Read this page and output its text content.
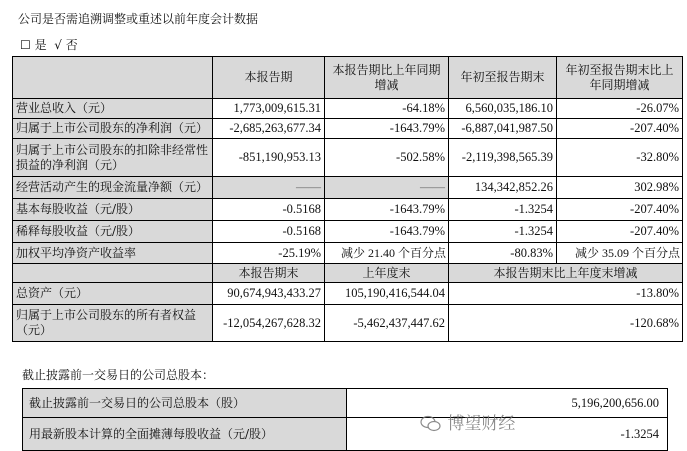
公司是否需追溯调整或重述以前年度会计数据
☐ 是 √ 否
	本报告期	本报告期比上年同期增减	年初至报告期末	年初至报告期末比上年同期增减
营业总收入（元）	1,773,009,615.31	-64.18%	6,560,035,186.10	-26.07%
归属于上市公司股东的净利润（元）	-2,685,263,677.34	-1643.79%	-6,887,041,987.50	-207.40%
归属于上市公司股东的扣除非经常性损益的净利润（元）	-851,190,953.13	-502.58%	-2,119,398,565.39	-32.80%
经营活动产生的现金流量净额（元）	——	——	134,342,852.26	302.98%
基本每股收益（元/股）	-0.5168	-1643.79%	-1.3254	-207.40%
稀释每股收益（元/股）	-0.5168	-1643.79%	-1.3254	-207.40%
加权平均净资产收益率	-25.19%	减少 21.40 个百分点	-80.83%	减少 35.09 个百分点
	本报告期末	上年度末	本报告期末比上年度末增减	
总资产（元）	90,674,943,433.27	105,190,416,544.04	-13.80%	
归属于上市公司股东的所有者权益（元）	-12,054,267,628.32	-5,462,437,447.62	-120.68%	
截止披露前一交易日的公司总股本：
截止披露前一交易日的公司总股本（股）	5,196,200,656.00
用最新股本计算的全面摊薄每股收益（元/股）	-1.3254
博望财经
